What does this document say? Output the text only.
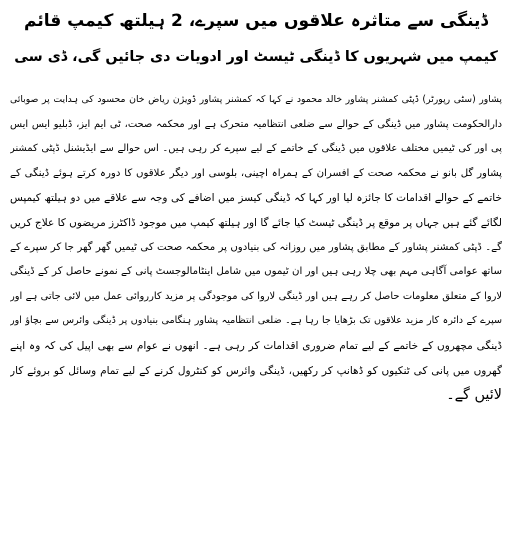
ڈینگی سے متاثرہ علاقوں میں سپرے، 2 ہیلتھ کیمپ قائم

کیمپ میں شہریوں کا ڈینگی ٹیسٹ اور ادویات دی جائیں گی، ڈی سی

پشاور (سٹی رپورٹر) ڈپٹی کمشنر پشاور خالد محمود نے کہا کہ کمشنر پشاور ڈویژن ریاض خان محسود کی ہدایت پر صوبائی
دارالحکومت پشاور میں ڈینگی کے حوالے سے ضلعی انتظامیہ متحرک ہے اور محکمہ صحت، ٹی ایم ایز، ڈبلیو ایس ایس
پی اور کی ٹیمیں مختلف علاقوں میں ڈینگی کے خاتمے کے لیے سپرے کر رہی ہیں۔ اس حوالے سے ایڈیشنل ڈپٹی کمشنر
پشاور گل بانو نے محکمہ صحت کے افسران کے ہمراہ اچینی، بلوسی اور دیگر علاقوں کا دورہ کرتے ہوئے ڈینگی کے
خاتمے کے حوالے اقدامات کا جائزہ لیا اور کہا کہ ڈینگی کیسز میں اضافے کی وجہ سے علاقے میں دو ہیلتھ کیمپس
لگائے گئے ہیں جہاں پر موقع پر ڈینگی ٹیسٹ کیا جائے گا اور ہیلتھ کیمپ میں موجود ڈاکٹرز مریضوں کا علاج کریں
گے۔ ڈپٹی کمشنر پشاور کے مطابق پشاور میں روزانہ کی بنیادوں پر محکمہ صحت کی ٹیمیں گھر گھر جا کر سپرے کے
ساتھ عوامی آگاہی مہم بھی چلا رہی ہیں اور ان ٹیموں میں شامل اینٹامالوجسٹ پانی کے نمونے حاصل کر کے ڈینگی
لاروا کے متعلق معلومات حاصل کر رہے ہیں اور ڈینگی لاروا کی موجودگی پر مزید کارروائی عمل میں لائی جاتی ہے اور
سپرے کے دائرہ کار مزید علاقوں تک بڑھایا جا رہا ہے۔ ضلعی انتظامیہ پشاور ہنگامی بنیادوں پر ڈینگی وائرس سے بچاؤ اور
ڈینگی مچھروں کے خاتمے کے لیے تمام ضروری اقدامات کر رہی ہے۔ انھوں نے عوام سے بھی اپیل کی کہ وہ اپنے
گھروں میں پانی کی ٹنکیوں کو ڈھانپ کر رکھیں، ڈینگی وائرس کو کنٹرول کرنے کے لیے تمام وسائل کو بروئے کار
لائیں گے۔
